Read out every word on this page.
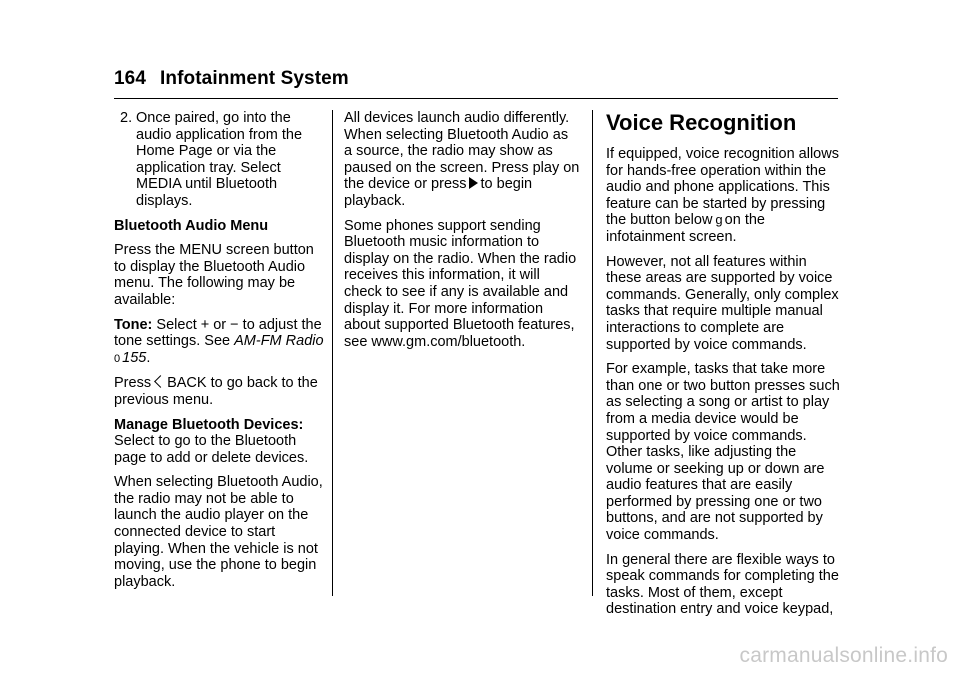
164 Infotainment System
2. Once paired, go into the audio application from the Home Page or via the application tray. Select MEDIA until Bluetooth displays.

Bluetooth Audio Menu

Press the MENU screen button to display the Bluetooth Audio menu. The following may be available:

Tone: Select + or − to adjust the tone settings. See AM-FM Radio
0 155.

Press BACK to go back to the previous menu.

Manage Bluetooth Devices: Select to go to the Bluetooth page to add or delete devices.

When selecting Bluetooth Audio, the radio may not be able to launch the audio player on the connected device to start playing. When the vehicle is not moving, use the phone to begin playback.

All devices launch audio differently. When selecting Bluetooth Audio as a source, the radio may show as paused on the screen. Press play on the device or press to begin playback.

Some phones support sending Bluetooth music information to display on the radio. When the radio receives this information, it will check to see if any is available and display it. For more information about supported Bluetooth features, see www.gm.com/bluetooth.

Voice Recognition

If equipped, voice recognition allows for hands-free operation within the audio and phone applications. This feature can be started by pressing the button below g on the infotainment screen.

However, not all features within these areas are supported by voice commands. Generally, only complex tasks that require multiple manual interactions to complete are supported by voice commands.

For example, tasks that take more than one or two button presses such as selecting a song or artist to play from a media device would be supported by voice commands. Other tasks, like adjusting the volume or seeking up or down are audio features that are easily performed by pressing one or two buttons, and are not supported by voice commands.

In general there are flexible ways to speak commands for completing the tasks. Most of them, except destination entry and voice keypad,

carmanualsonline.info
